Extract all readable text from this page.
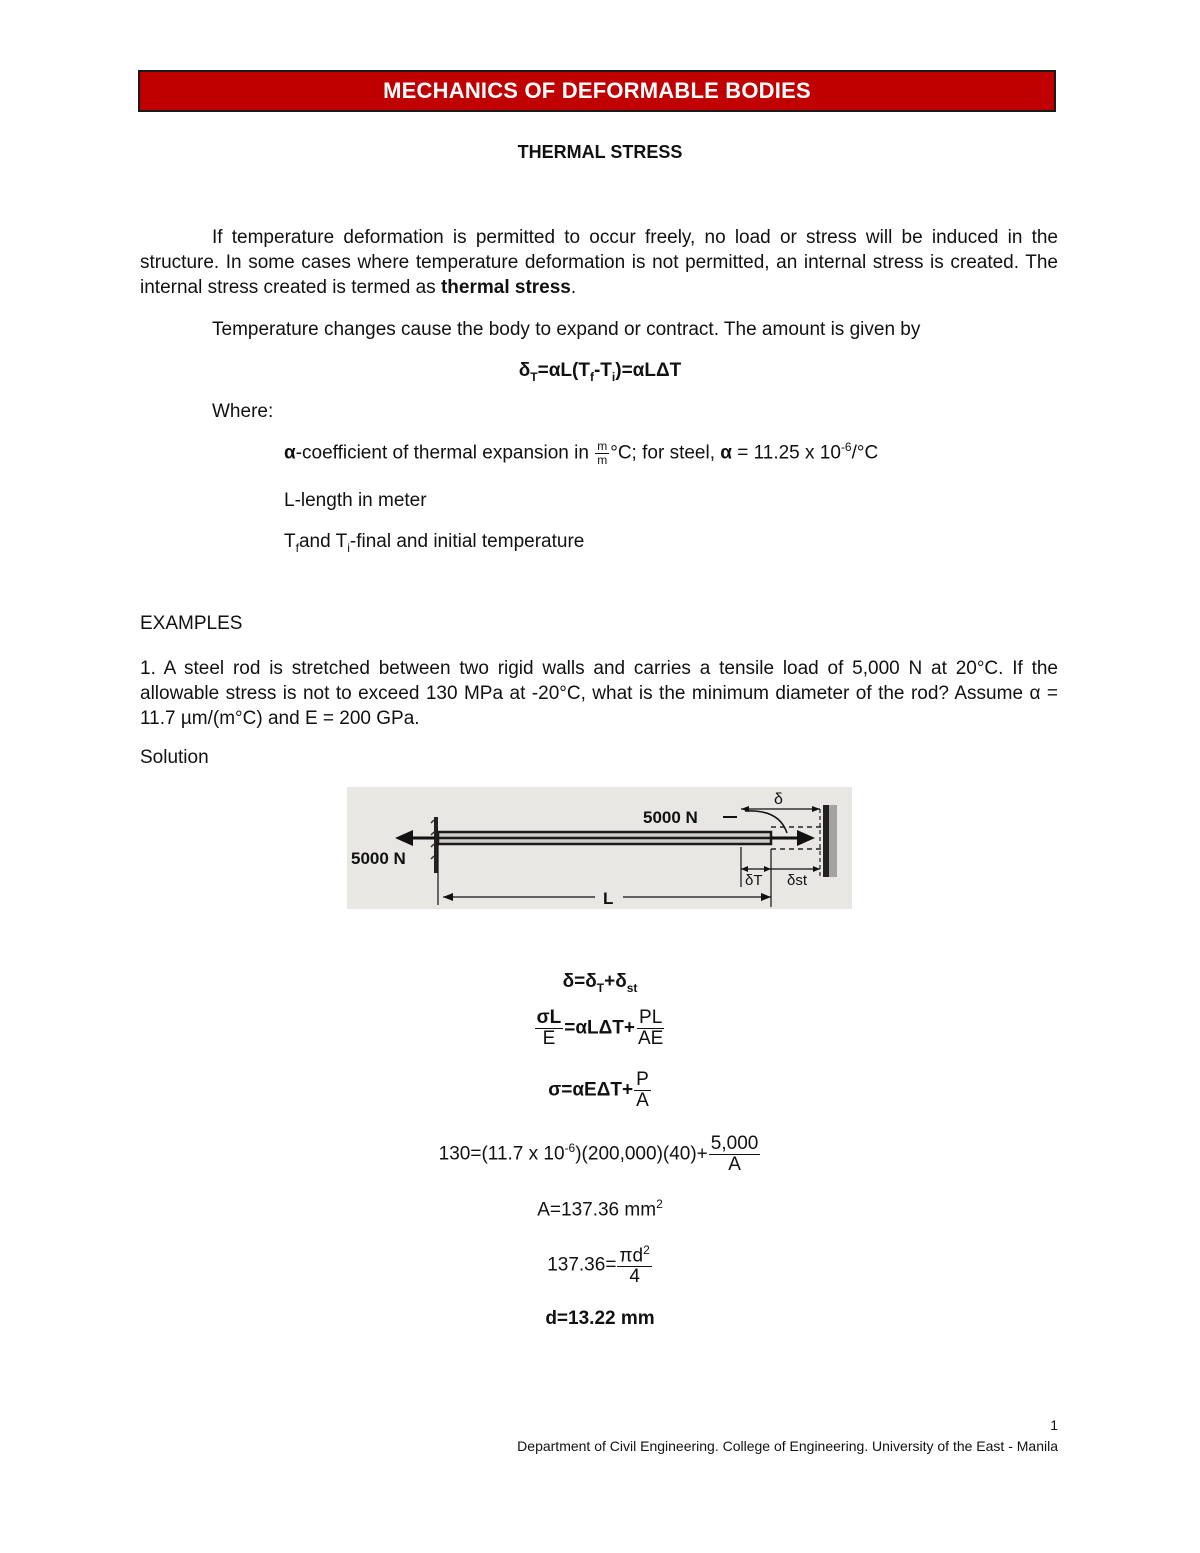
MECHANICS OF DEFORMABLE BODIES
THERMAL STRESS
If temperature deformation is permitted to occur freely, no load or stress will be induced in the structure. In some cases where temperature deformation is not permitted, an internal stress is created. The internal stress created is termed as thermal stress.
Temperature changes cause the body to expand or contract. The amount is given by
$\delta_T=\alpha L(T_f-T_i)=\alpha L\Delta T$
Where:
α-coefficient of thermal expansion in $\frac{m}{m} ^\circ C$; for steel, α = 11.25 x $10^{-6}/^\circ C$
L-length in meter
$T_fand$ $T_i$-final and initial temperature
EXAMPLES
1. A steel rod is stretched between two rigid walls and carries a tensile load of 5,000 N at 20°C. If the allowable stress is not to exceed 130 MPa at -20°C, what is the minimum diameter of the rod? Assume α = 11.7 µm/(m°C) and E = 200 GPa.
Solution
5000 N
5000 N
δ
δT δst
L
$\delta=\delta_T+\delta_{st}$
$\frac{\sigma L}{E} =\alpha L\Delta T+ \frac{PL}{AE}$
$\sigma=\alpha E\Delta T+ \frac{P}{A}$
130=(11.7 x $10^{-6})(200,000)(40)+ \frac{5,000}{A}$
A=137.36 $mm^2$
$137.36= \frac{\pi d^2}{4}$
d=13.22 mm
1
Department of Civil Engineering. College of Engineering. University of the East - Manila
